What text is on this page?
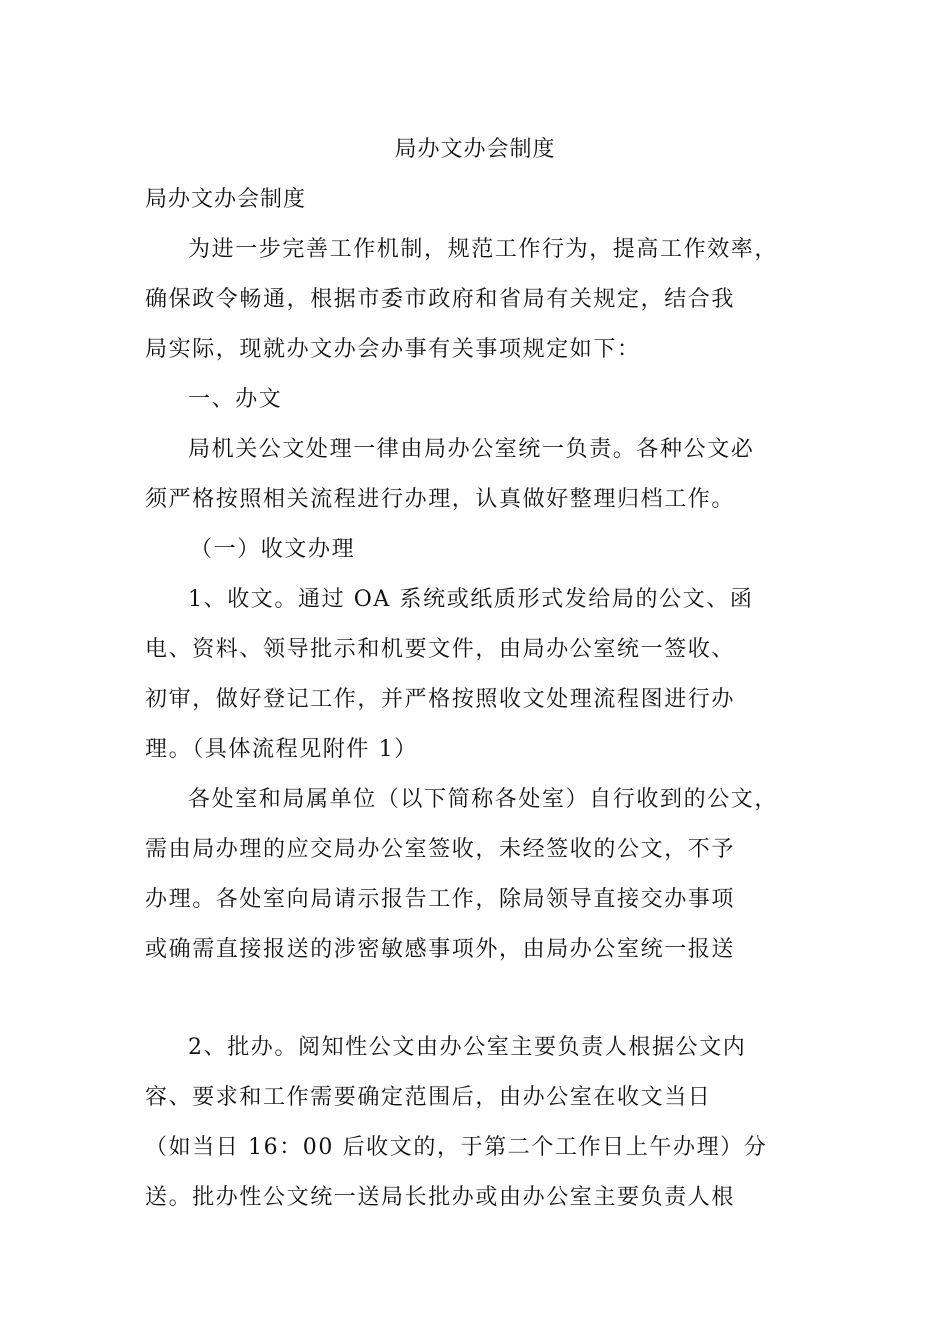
局办文办会制度
局办文办会制度
为进一步完善工作机制，规范工作行为，提高工作效率，
确保政令畅通，根据市委市政府和省局有关规定，结合我
局实际，现就办文办会办事有关事项规定如下：
一、办文
局机关公文处理一律由局办公室统一负责。各种公文必
须严格按照相关流程进行办理，认真做好整理归档工作。
（一）收文办理
1、收文。通过 OA 系统或纸质形式发给局的公文、函
电、资料、领导批示和机要文件，由局办公室统一签收、
初审，做好登记工作，并严格按照收文处理流程图进行办
理。（具体流程见附件 1）
各处室和局属单位（以下简称各处室）自行收到的公文，
需由局办理的应交局办公室签收，未经签收的公文，不予
办理。各处室向局请示报告工作，除局领导直接交办事项
或确需直接报送的涉密敏感事项外，由局办公室统一报送
2、批办。阅知性公文由办公室主要负责人根据公文内
容、要求和工作需要确定范围后，由办公室在收文当日
（如当日 16：00 后收文的，于第二个工作日上午办理）分
送。批办性公文统一送局长批办或由办公室主要负责人根
